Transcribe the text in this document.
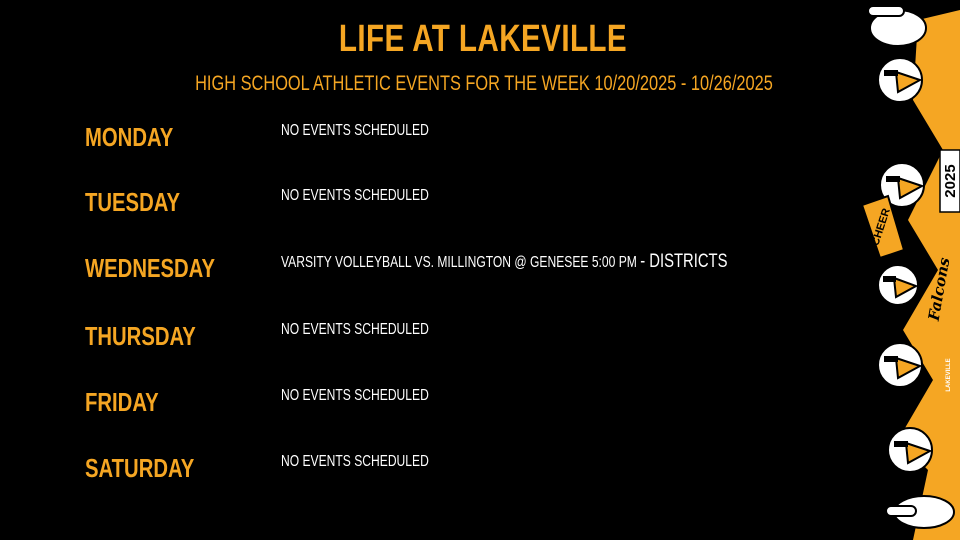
LIFE AT LAKEVILLE
HIGH SCHOOL ATHLETIC EVENTS FOR THE WEEK 10/20/2025 - 10/26/2025
MONDAY	NO EVENTS SCHEDULED
TUESDAY	NO EVENTS SCHEDULED
WEDNESDAY	VARSITY VOLLEYBALL VS. MILLINGTON @ GENESEE 5:00 PM - DISTRICTS
THURSDAY	NO EVENTS SCHEDULED
FRIDAY	NO EVENTS SCHEDULED
SATURDAY	NO EVENTS SCHEDULED
2025
CHEER
Falcons
LAKEVILLE
